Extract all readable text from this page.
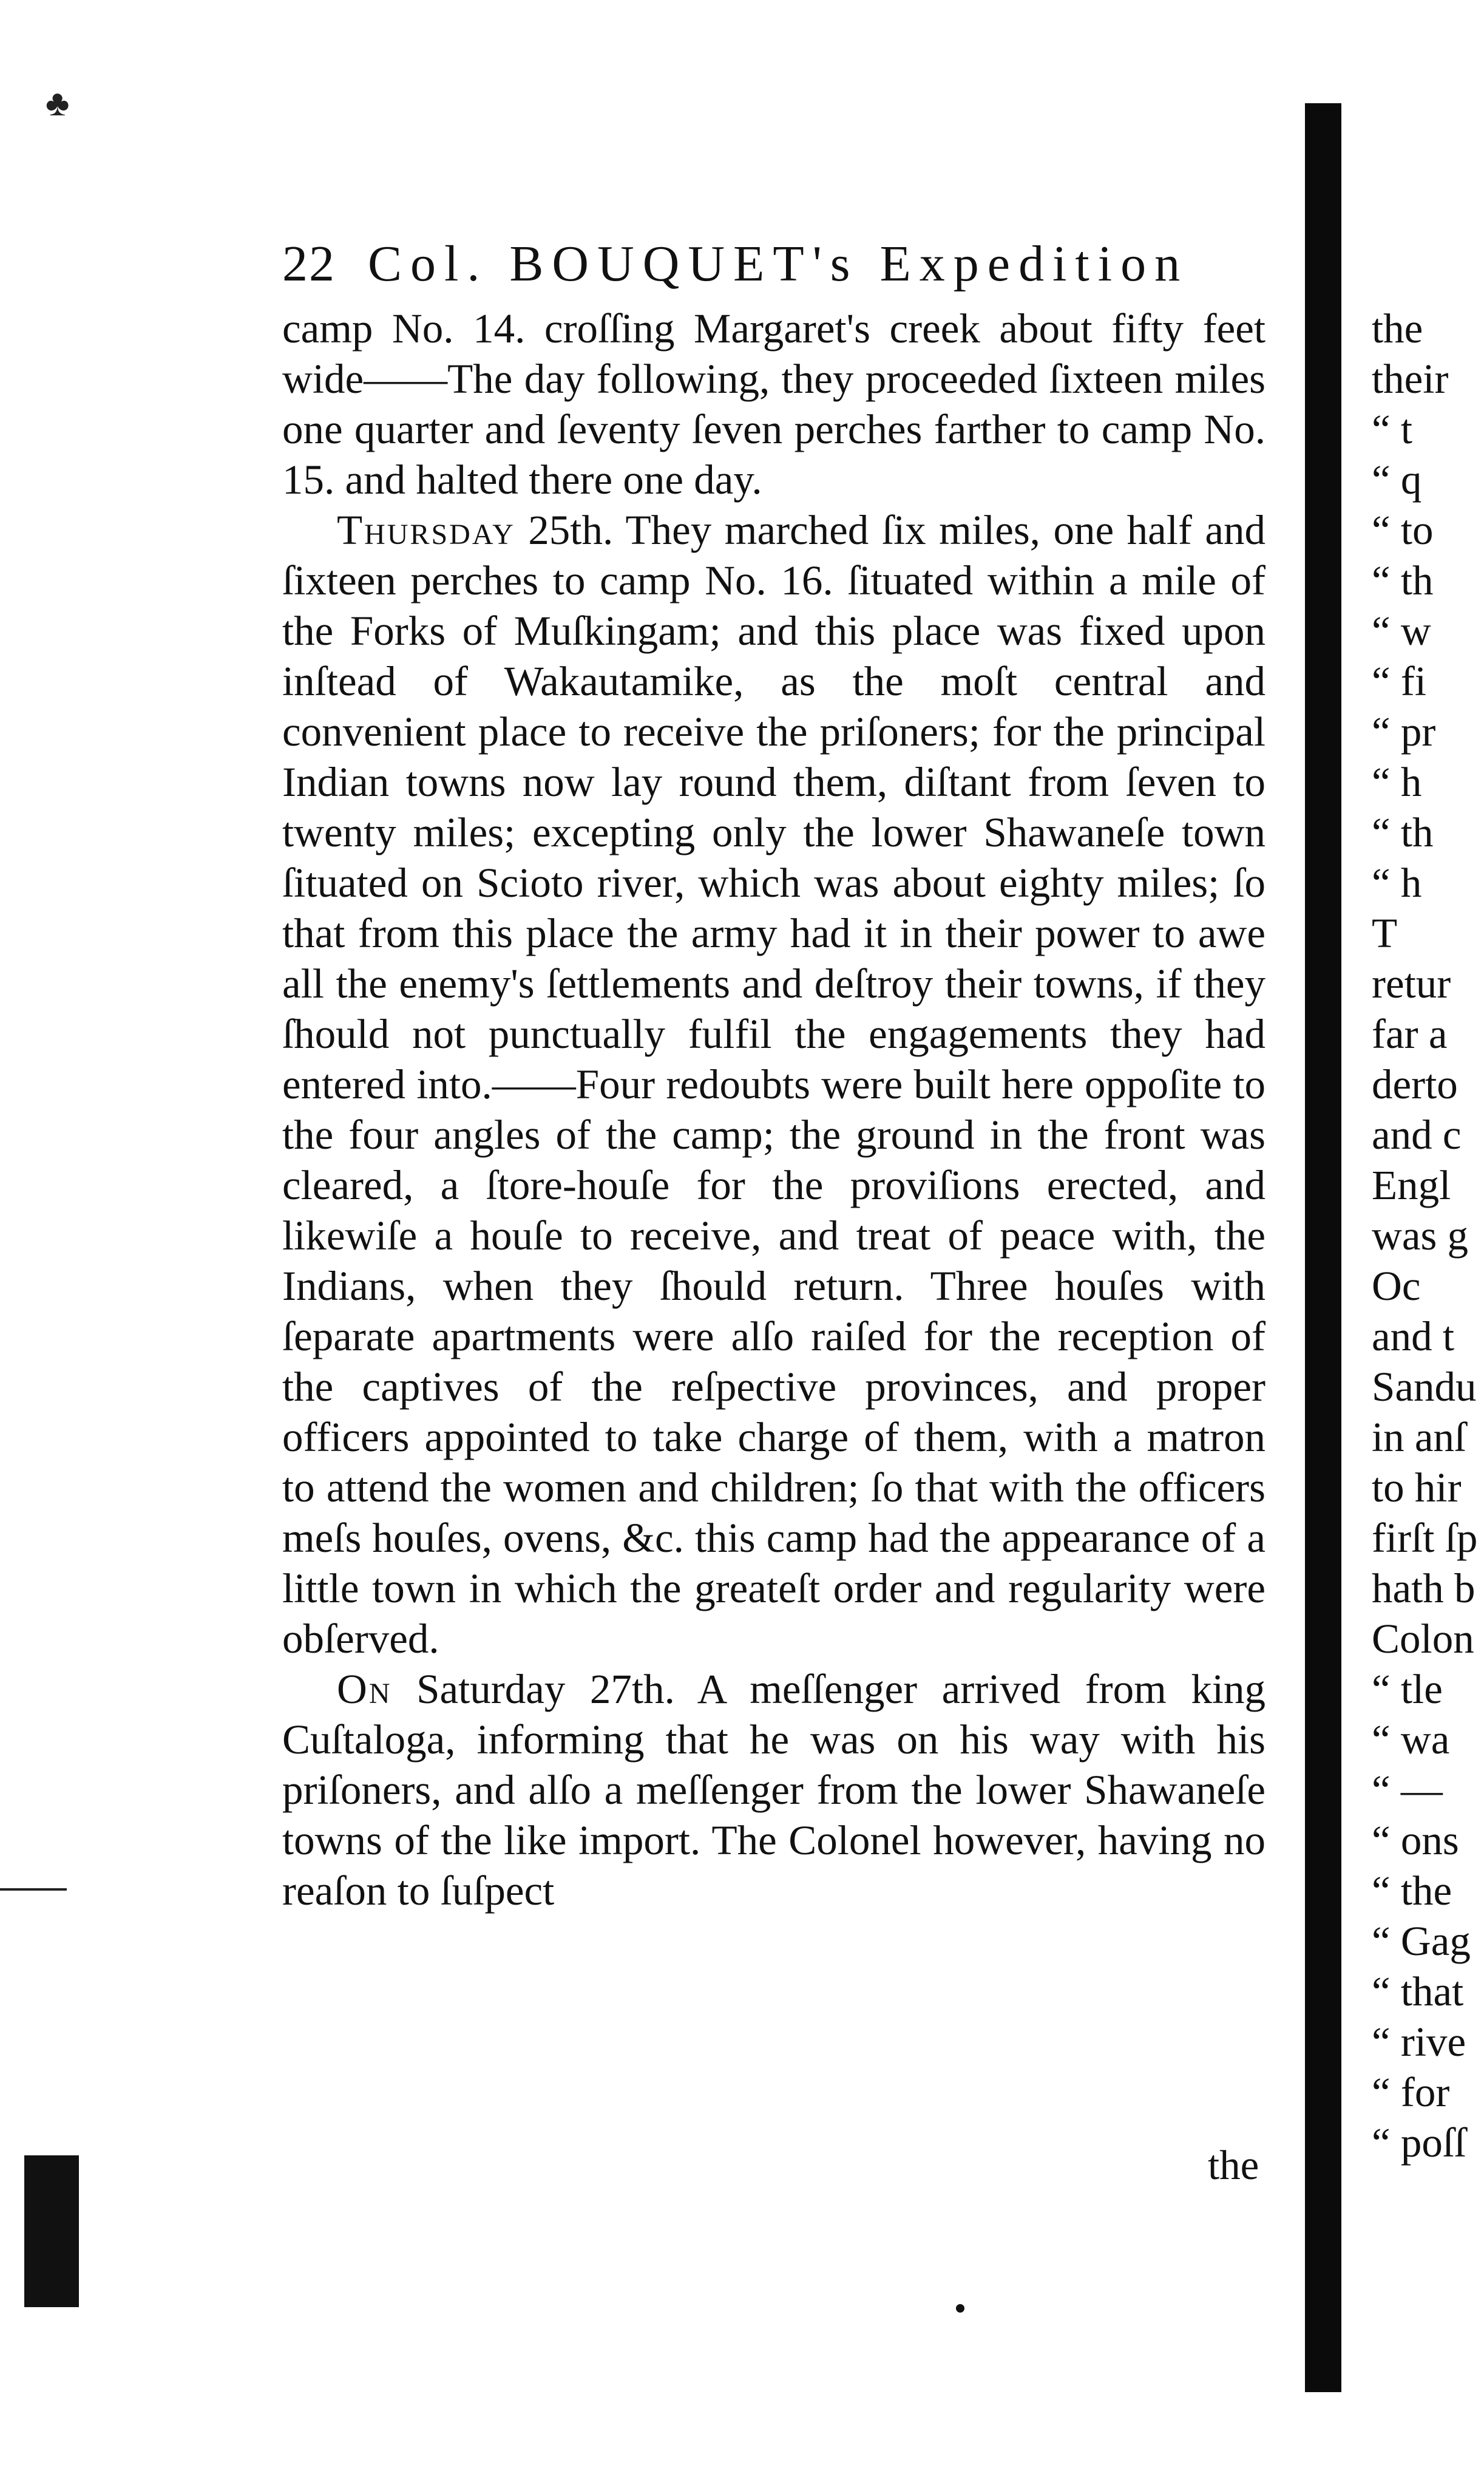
♣
22 Col. BOUQUET's Expedition

camp No. 14. croſſing Margaret's creek about fifty feet wide——The day following, they proceeded ſixteen miles one quarter and ſeventy ſeven perches farther to camp No. 15. and halted there one day.

Thursday 25th. They marched ſix miles, one half and ſixteen perches to camp No. 16. ſituated within a mile of the Forks of Muſkingam; and this place was fixed upon inſtead of Wakautamike, as the moſt central and convenient place to receive the priſoners; for the principal Indian towns now lay round them, diſtant from ſeven to twenty miles; excepting only the lower Shawaneſe town ſituated on Scioto river, which was about eighty miles; ſo that from this place the army had it in their power to awe all the enemy's ſettlements and deſtroy their towns, if they ſhould not punctually fulfil the engagements they had entered into.——Four redoubts were built here oppoſite to the four angles of the camp; the ground in the front was cleared, a ſtore-houſe for the proviſions erected, and likewiſe a houſe to receive, and treat of peace with, the Indians, when they ſhould return. Three houſes with ſeparate apartments were alſo raiſed for the reception of the captives of the reſpective provinces, and proper officers appointed to take charge of them, with a matron to attend the women and children; ſo that with the officers meſs houſes, ovens, &c. this camp had the appearance of a little town in which the greateſt order and regularity were obſerved.

On Saturday 27th. A meſſenger arrived from king Cuſtaloga, informing that he was on his way with his priſoners, and alſo a meſſenger from the lower Shawaneſe towns of the like import. The Colonel however, having no reaſon to ſuſpect

the
the
their
“ t
“ q
“ to
“ th
“ w
“ fi
“ pr
“ h
“ th
“ h
T
retur
far a
derto
and c
Engl
was g
Oc
and t
Sandu
in anſ
to hir
firſt ſp
hath b
Colon
“ tle
“ wa
“ —
“ ons
“ the
“ Gag
“ that
“ rive
“ for
“ poſſ
